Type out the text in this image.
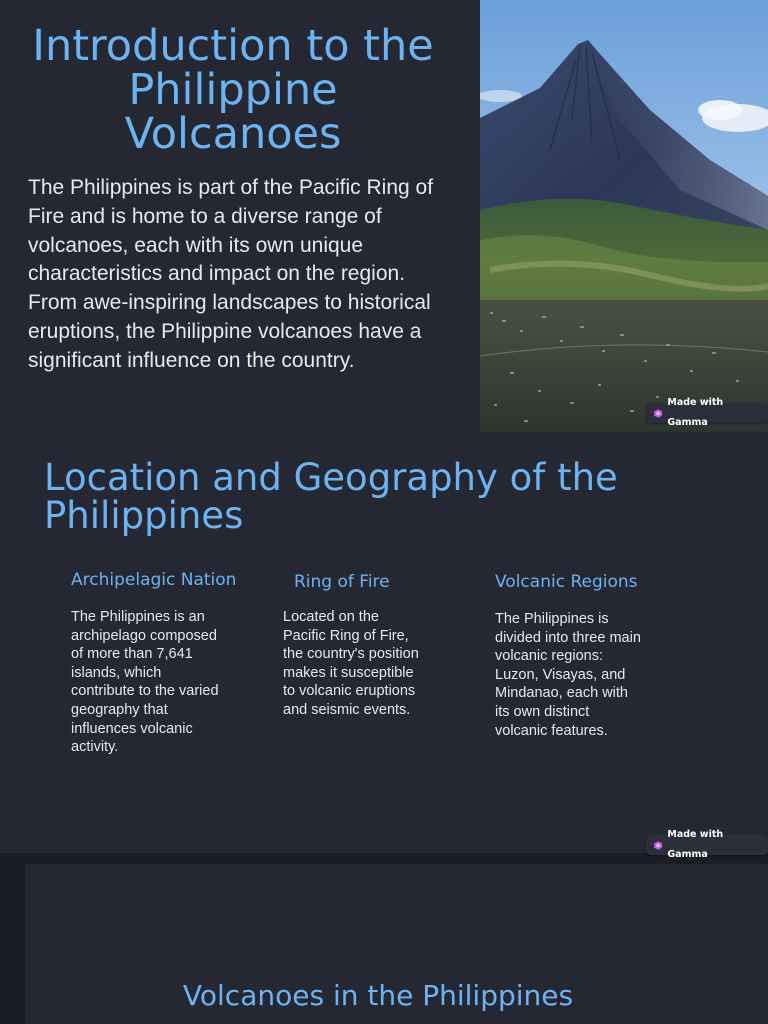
Introduction to the Philippine Volcanoes

The Philippines is part of the Pacific Ring of Fire and is home to a diverse range of volcanoes, each with its own unique characteristics and impact on the region. From awe-inspiring landscapes to historical eruptions, the Philippine volcanoes have a significant influence on the country.

Made with Gamma
Location and Geography of the Philippines
Archipelagic Nation

The Philippines is an archipelago composed of more than 7,641 islands, which contribute to the varied geography that influences volcanic activity.

Ring of Fire

Located on the Pacific Ring of Fire, the country's position makes it susceptible to volcanic eruptions and seismic events.

Volcanic Regions

The Philippines is divided into three main volcanic regions: Luzon, Visayas, and Mindanao, each with its own distinct volcanic features.

Made with Gamma
Volcanoes in the Philippines
